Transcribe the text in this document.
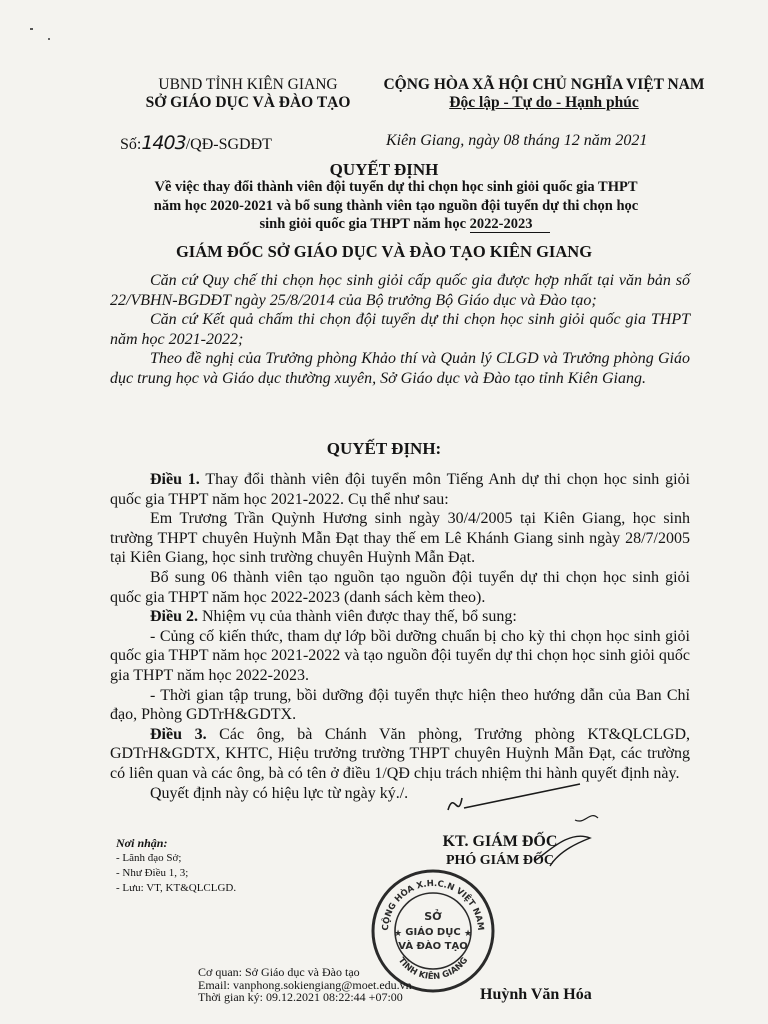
UBND TỈNH KIÊN GIANG
SỞ GIÁO DỤC VÀ ĐÀO TẠO
CỘNG HÒA XÃ HỘI CHỦ NGHĨA VIỆT NAM
Độc lập - Tự do - Hạnh phúc
Số:1403/QĐ-SGDĐT	Kiên Giang, ngày 08 tháng 12 năm 2021
QUYẾT ĐỊNH
Về việc thay đổi thành viên đội tuyển dự thi chọn học sinh giỏi quốc gia THPT
năm học 2020-2021 và bổ sung thành viên tạo nguồn đội tuyển dự thi chọn học
sinh giỏi quốc gia THPT năm học 2022-2023
GIÁM ĐỐC SỞ GIÁO DỤC VÀ ĐÀO TẠO KIÊN GIANG

Căn cứ Quy chế thi chọn học sinh giỏi cấp quốc gia được hợp nhất tại văn bản số 22/VBHN-BGDĐT ngày 25/8/2014 của Bộ trưởng Bộ Giáo dục và Đào tạo;

Căn cứ Kết quả chấm thi chọn đội tuyển dự thi chọn học sinh giỏi quốc gia THPT năm học 2021-2022;

Theo đề nghị của Trưởng phòng Khảo thí và Quản lý CLGD và Trưởng phòng Giáo dục trung học và Giáo dục thường xuyên, Sở Giáo dục và Đào tạo tỉnh Kiên Giang.

QUYẾT ĐỊNH:

Điều 1. Thay đổi thành viên đội tuyển môn Tiếng Anh dự thi chọn học sinh giỏi quốc gia THPT năm học 2021-2022. Cụ thể như sau:

Em Trương Trần Quỳnh Hương sinh ngày 30/4/2005 tại Kiên Giang, học sinh trường THPT chuyên Huỳnh Mẫn Đạt thay thế em Lê Khánh Giang sinh ngày 28/7/2005 tại Kiên Giang, học sinh trường chuyên Huỳnh Mẫn Đạt.

Bổ sung 06 thành viên tạo nguồn tạo nguồn đội tuyển dự thi chọn học sinh giỏi quốc gia THPT năm học 2022-2023 (danh sách kèm theo).

Điều 2. Nhiệm vụ của thành viên được thay thế, bổ sung:

- Củng cố kiến thức, tham dự lớp bồi dưỡng chuẩn bị cho kỳ thi chọn học sinh giỏi quốc gia THPT năm học 2021-2022 và tạo nguồn đội tuyển dự thi chọn học sinh giỏi quốc gia THPT năm học 2022-2023.

- Thời gian tập trung, bồi dưỡng đội tuyển thực hiện theo hướng dẫn của Ban Chỉ đạo, Phòng GDTrH&GDTX.

Điều 3. Các ông, bà Chánh Văn phòng, Trưởng phòng KT&QLCLGD, GDTrH&GDTX, KHTC, Hiệu trưởng trường THPT chuyên Huỳnh Mẫn Đạt, các trường có liên quan và các ông, bà có tên ở điều 1/QĐ chịu trách nhiệm thi hành quyết định này.

Quyết định này có hiệu lực từ ngày ký./.

Nơi nhận:
- Lãnh đạo Sở;
- Như Điều 1, 3;
- Lưu: VT, KT&QLCLGD.
KT. GIÁM ĐỐC
PHÓ GIÁM ĐỐC
CỘNG HÒA X.H.C.N VIỆT NAM
TỈNH KIÊN GIANG
SỞ
GIÁO DỤC
VÀ ĐÀO TẠO
★	★
Huỳnh Văn Hóa
Cơ quan: Sở Giáo dục và Đào tạo
Email: vanphong.sokiengiang@moet.edu.vn
Thời gian ký: 09.12.2021 08:22:44 +07:00
